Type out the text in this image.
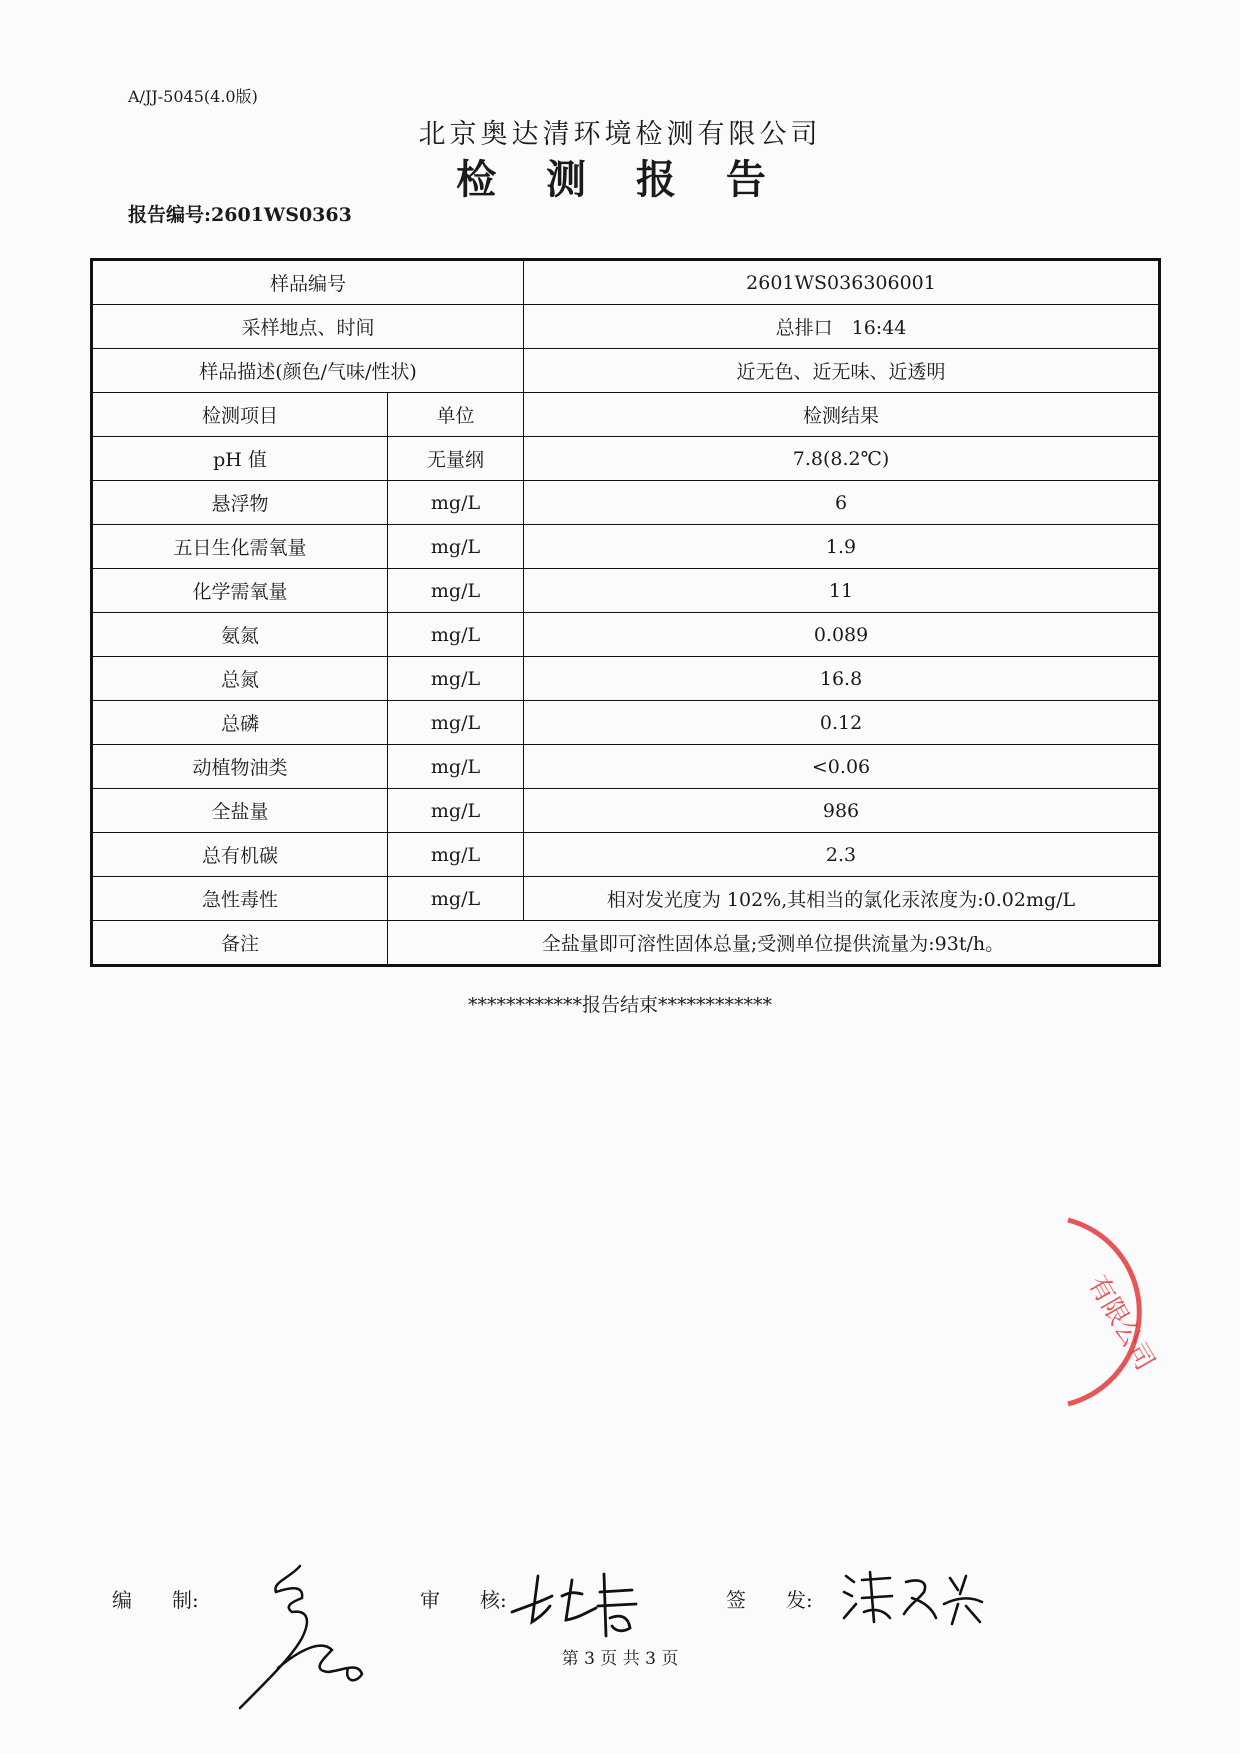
A/JJ-5045(4.0版)
北京奥达清环境检测有限公司
检 测 报 告
报告编号:2601WS0363
样品编号		2601WS036306001
采样地点、时间		总排口　16:44
样品描述(颜色/气味/性状)		近无色、近无味、近透明
检测项目	单位	检测结果
pH 值	无量纲	7.8(8.2℃)
悬浮物	mg/L	6
五日生化需氧量	mg/L	1.9
化学需氧量	mg/L	11
氨氮	mg/L	0.089
总氮	mg/L	16.8
总磷	mg/L	0.12
动植物油类	mg/L	<0.06
全盐量	mg/L	986
总有机碳	mg/L	2.3
急性毒性	mg/L	相对发光度为 102%,其相当的氯化汞浓度为:0.02mg/L
备注	全盐量即可溶性固体总量;受测单位提供流量为:93t/h。	
************报告结束************
有限公司
编　　制:	审　　核:	签　　发:
第 3 页 共 3 页
